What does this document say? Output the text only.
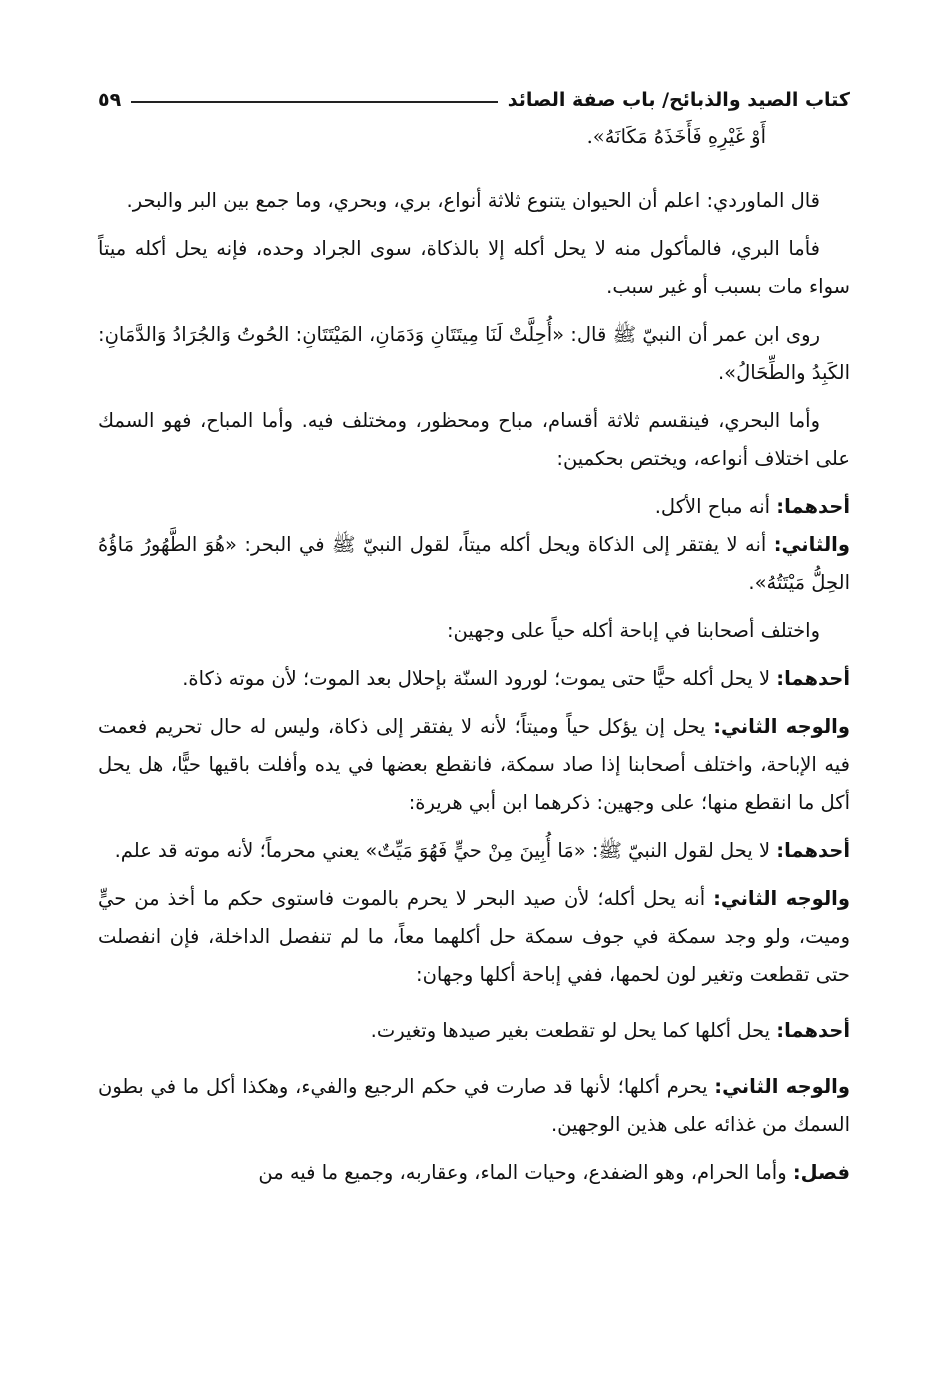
كتاب الصيد والذبائح/ باب صفة الصائد
٥٩

أَوْ غَيْرِهِ فَأَخَذَهُ مَكَانَهُ».

قال الماوردي: اعلم أن الحيوان يتنوع ثلاثة أنواع، بري، وبحري، وما جمع بين البر والبحر.

فأما البري، فالمأكول منه لا يحل أكله إلا بالذكاة، سوى الجراد وحده، فإنه يحل أكله ميتاً سواء مات بسبب أو غير سبب.

روى ابن عمر أن النبيّ ﷺ قال: «أُحِلَّتْ لَنَا مِيتَتَانِ وَدَمَانِ، المَيْتَتَانِ: الحُوتُ وَالجُرَادُ وَالدَّمَانِ: الكَبِدُ والطِّحَالُ».

وأما البحري، فينقسم ثلاثة أقسام، مباح ومحظور، ومختلف فيه. وأما المباح، فهو السمك على اختلاف أنواعه، ويختص بحكمين:

أحدهما: أنه مباح الأكل.

والثاني: أنه لا يفتقر إلى الذكاة ويحل أكله ميتاً، لقول النبيّ ﷺ في البحر: «هُوَ الطَّهُورُ مَاؤُهُ الحِلُّ مَيْتَتُهُ».

واختلف أصحابنا في إباحة أكله حياً على وجهين:

أحدهما: لا يحل أكله حيًّا حتى يموت؛ لورود السنّة بإحلال بعد الموت؛ لأن موته ذكاة.

والوجه الثاني: يحل إن يؤكل حياً وميتاً؛ لأنه لا يفتقر إلى ذكاة، وليس له حال تحريم فعمت فيه الإباحة، واختلف أصحابنا إذا صاد سمكة، فانقطع بعضها في يده وأفلت باقيها حيًّا، هل يحل أكل ما انقطع منها؛ على وجهين: ذكرهما ابن أبي هريرة:

أحدهما: لا يحل لقول النبيّ ﷺ: «مَا أُبِينَ مِنْ حيٍّ فَهُوَ مَيِّتٌ» يعني محرماً؛ لأنه موته قد علم.

والوجه الثاني: أنه يحل أكله؛ لأن صيد البحر لا يحرم بالموت فاستوى حكم ما أخذ من حيٍّ وميت، ولو وجد سمكة في جوف سمكة حل أكلهما معاً، ما لم تنفصل الداخلة، فإن انفصلت حتى تقطعت وتغير لون لحمها، ففي إباحة أكلها وجهان:

أحدهما: يحل أكلها كما يحل لو تقطعت بغير صيدها وتغيرت.

والوجه الثاني: يحرم أكلها؛ لأنها قد صارت في حكم الرجيع والفيء، وهكذا أكل ما في بطون السمك من غذائه على هذين الوجهين.

فصل: وأما الحرام، وهو الضفدع، وحيات الماء، وعقاربه، وجميع ما فيه من
